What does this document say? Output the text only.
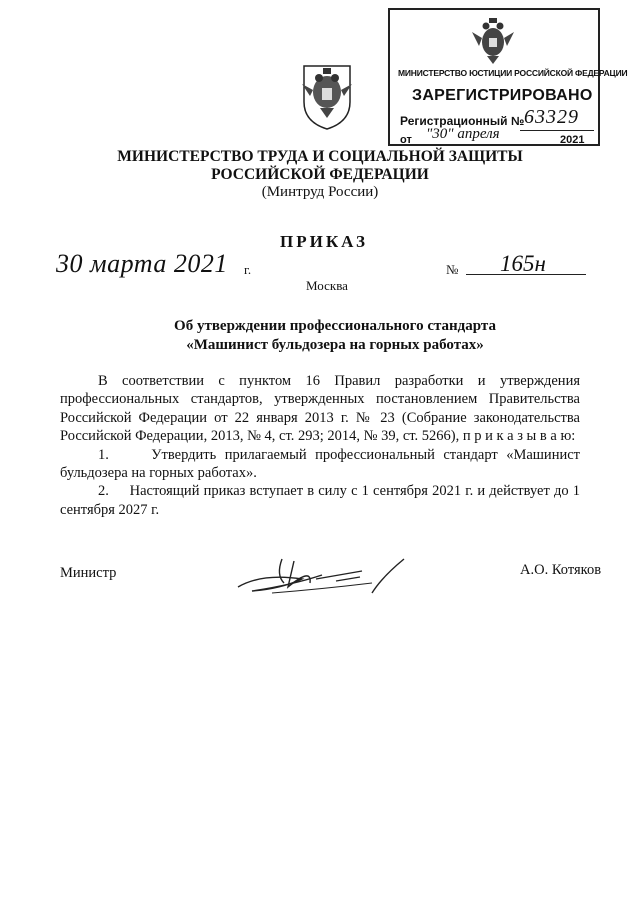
МИНИСТЕРСТВО ЮСТИЦИИ РОССИЙСКОЙ ФЕДЕРАЦИИ
ЗАРЕГИСТРИРОВАНО
Регистрационный № 63329
от "30" апреля	2021
МИНИСТЕРСТВО ТРУДА И СОЦИАЛЬНОЙ ЗАЩИТЫ
РОССИЙСКОЙ ФЕДЕРАЦИИ
(Минтруд России)
ПРИКАЗ
30 марта 2021 г.	№ 165н
Москва
Об утверждении профессионального стандарта
«Машинист бульдозера на горных работах»

В соответствии с пунктом 16 Правил разработки и утверждения профессиональных стандартов, утвержденных постановлением Правительства Российской Федерации от 22 января 2013 г. № 23 (Собрание законодательства Российской Федерации, 2013, № 4, ст. 293; 2014, № 39, ст. 5266), п р и к а з ы в а ю:

1.     Утвердить прилагаемый профессиональный стандарт «Машинист бульдозера на горных работах».

2.     Настоящий приказ вступает в силу с 1 сентября 2021 г. и действует до 1 сентября 2027 г.

Министр	А.О. Котяков
